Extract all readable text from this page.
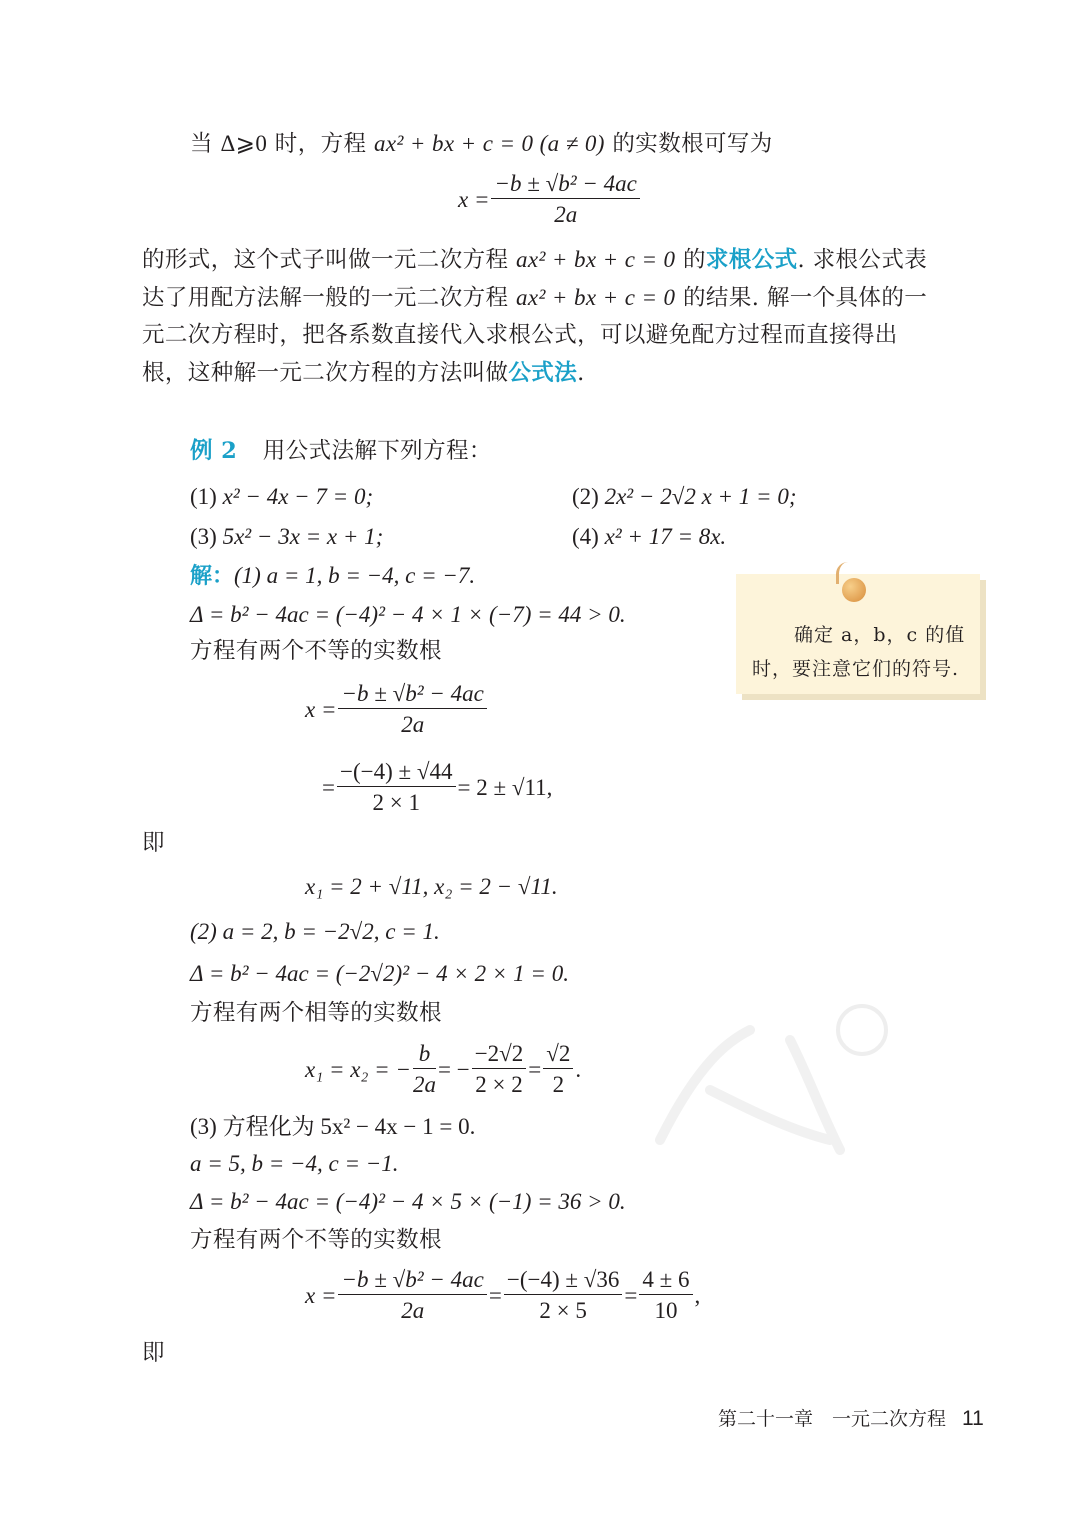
当 Δ⩾0 时，方程 ax² + bx + c = 0 (a ≠ 0) 的实数根可写为
$x = \frac{\text{−b ± √b² − 4ac}}{2a}$
的形式，这个式子叫做一元二次方程 ax² + bx + c = 0 的求根公式. 求根公式表
达了用配方法解一般的一元二次方程 ax² + bx + c = 0 的结果. 解一个具体的一
元二次方程时，把各系数直接代入求根公式，可以避免配方过程而直接得出
根，这种解一元二次方程的方法叫做公式法.
例 2 用公式法解下列方程：
(1) x² − 4x − 7 = 0;	(2) 2x² − 2√2 x + 1 = 0;
(3) 5x² − 3x = x + 1;	(4) x² + 17 = 8x.
解：(1) a = 1, b = −4, c = −7.
Δ = b² − 4ac = (−4)² − 4 × 1 × (−7) = 44 > 0.
方程有两个不等的实数根
$x = \frac{\text{−b ± √b² − 4ac}}{2a}$
= $\frac{-(-4) \pm √44}{2 \times 1} = 2 \pm √11$,
即
x₁ = 2 + √11, x₂ = 2 − √11.
(2) a = 2, b = −2√2, c = 1.
Δ = b² − 4ac = (−2√2)² − 4 × 2 × 1 = 0.
方程有两个相等的实数根
x₁ = x₂ = − $\frac{b}{2a}$ = − $\frac{-2√2}{2 \times 2} = \frac{√2}{2}$ .
(3) 方程化为 5x² − 4x − 1 = 0.
a = 5, b = −4, c = −1.
Δ = b² − 4ac = (−4)² − 4 × 5 × (−1) = 36 > 0.
方程有两个不等的实数根
$x = \frac{\text{−b ± √b² − 4ac}}{2a} = \frac{-(-4) \pm √36}{2 \times 5} = \frac{4 \pm 6}{10}$ ,
即
确定 a，b，c 的值
时，要注意它们的符号.
第二十一章　一元二次方程 11
